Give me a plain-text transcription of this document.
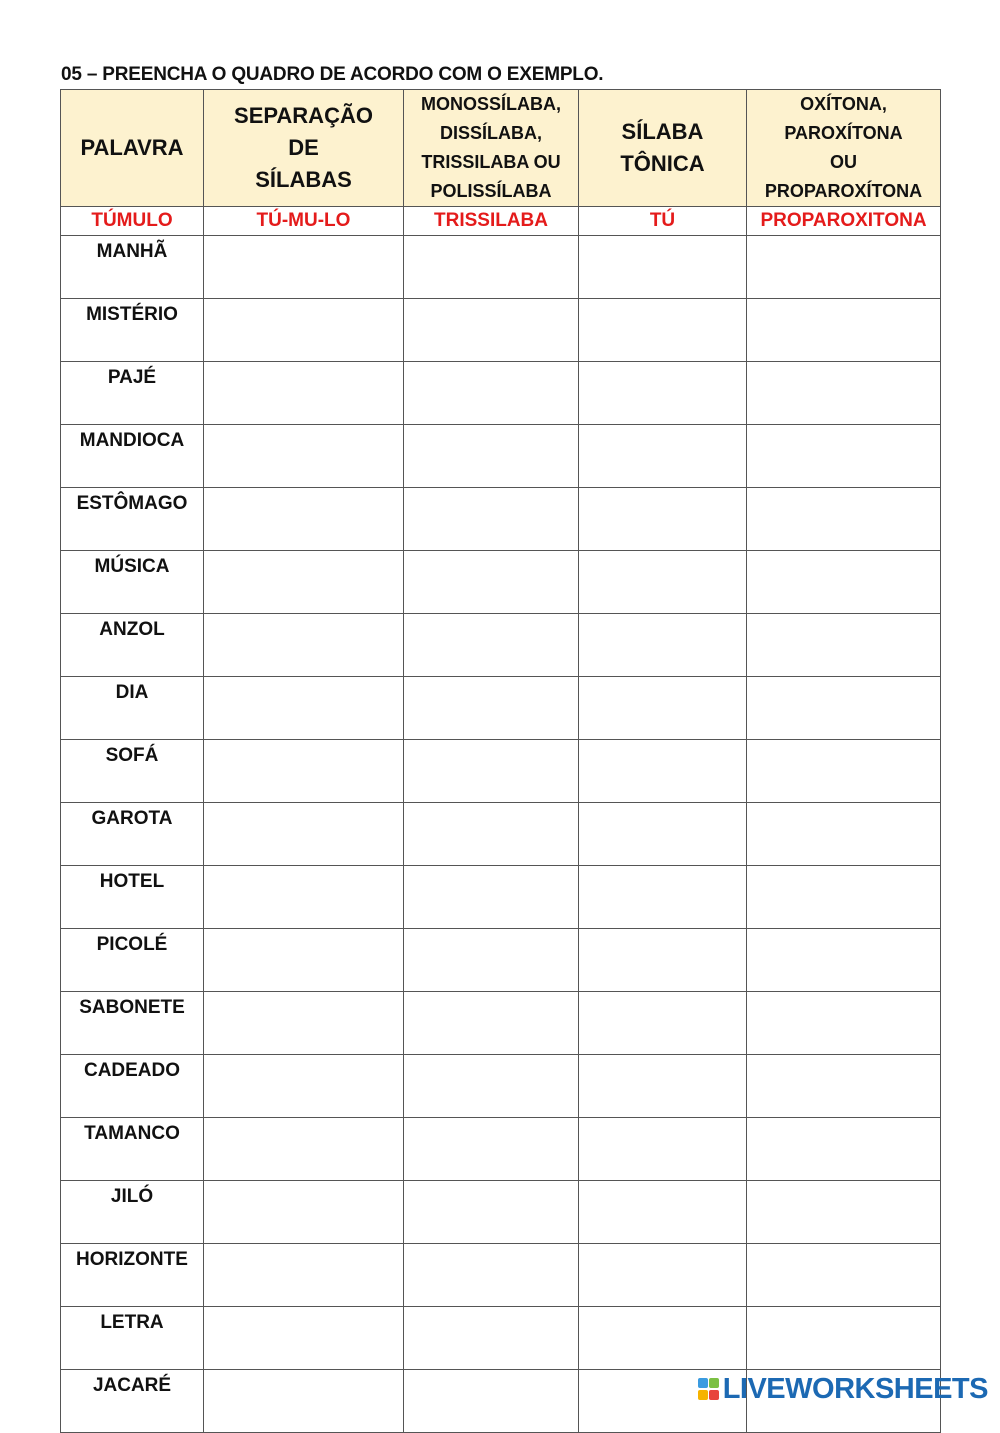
05 – PREENCHA O QUADRO DE ACORDO COM O EXEMPLO.
PALAVRA	SEPARAÇÃO
DE
SÍLABAS	MONOSSÍLABA,
DISSÍLABA,
TRISSILABA OU
POLISSÍLABA	SÍLABA
TÔNICA	OXÍTONA,
PAROXÍTONA
OU
PROPAROXÍTONA

TÚMULO	TÚ-MU-LO	TRISSILABA	TÚ	PROPAROXITONA
MANHÃ				
MISTÉRIO				
PAJÉ				
MANDIOCA				
ESTÔMAGO				
MÚSICA				
ANZOL				
DIA				
SOFÁ				
GAROTA				
HOTEL				
PICOLÉ				
SABONETE				
CADEADO				
TAMANCO				
JILÓ				
HORIZONTE				
LETRA				
JACARÉ					LIVEWORKSHEETS
